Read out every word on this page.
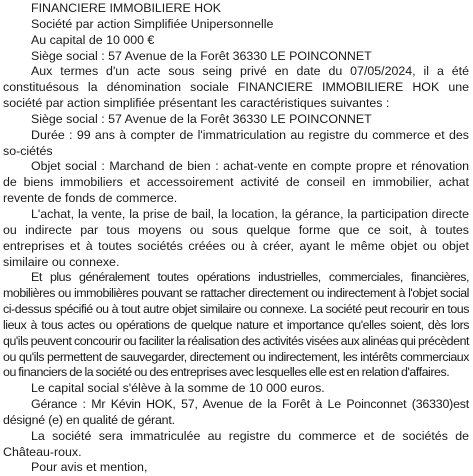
FINANCIERE IMMOBILIERE HOK

Société par action Simplifiée Unipersonnelle

Au capital de 10 000 €

Siège social : 57 Avenue de la Forêt 36330 LE POINCONNET

Aux termes d'un acte sous seing privé en date du 07/05/2024, il a été constituésous la dénomination sociale FINANCIERE IMMOBILIERE HOK une société par action simplifiée présentant les caractéristiques suivantes :

Siège social : 57 Avenue de la Forêt 36330 LE POINCONNET

Durée : 99 ans à compter de l'immatriculation au registre du commerce et des so-ciétés

Objet social : Marchand de bien : achat-vente en compte propre et rénovation de biens immobiliers et accessoirement activité de conseil en immobilier, achat revente de fonds de commerce.

L'achat, la vente, la prise de bail, la location, la gérance, la participation directe ou indirecte par tous moyens ou sous quelque forme que ce soit, à toutes entreprises et à toutes sociétés créées ou à créer, ayant le même objet ou objet similaire ou connexe.

Et plus généralement toutes opérations industrielles, commerciales, financières, mobilières ou immobilières pouvant se rattacher directement ou indirectement à l'objet social ci-dessus spécifié ou à tout autre objet similaire ou connexe. La société peut recourir en tous lieux à tous actes ou opérations de quelque nature et importance qu'elles soient, dès lors qu'ils peuvent concourir ou faciliter la réalisation des activités visées aux alinéas qui précèdent ou qu'ils permettent de sauvegarder, directement ou indirectement, les intérêts commerciaux ou financiers de la société ou des entreprises avec lesquelles elle est en relation d'affaires.

Le capital social s'élève à la somme de 10 000 euros.

Gérance : Mr Kévin HOK, 57, Avenue de la Forêt à Le Poinconnet (36330)est désigné (e) en qualité de gérant.

La société sera immatriculée au registre du commerce et de sociétés de Château-roux.

Pour avis et mention,
